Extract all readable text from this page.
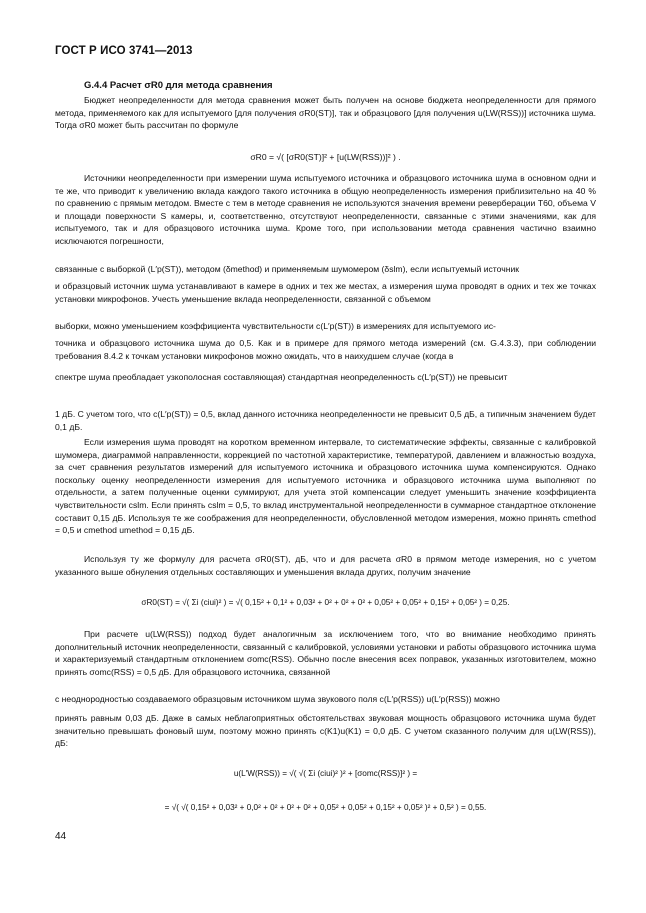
ГОСТ Р ИСО 3741—2013
G.4.4 Расчет σR0 для метода сравнения
Бюджет неопределенности для метода сравнения может быть получен на основе бюджета неопределенности для прямого метода, применяемого как для испытуемого [для получения σR0(ST)], так и образцового [для получения u(LW(RSS))] источника шума. Тогда σR0 может быть рассчитан по формуле
σR0 = √( [σR0(ST)]² + [u(LW(RSS))]² ) .
Источники неопределенности при измерении шума испытуемого источника и образцового источника шума в основном одни и те же, что приводит к увеличению вклада каждого такого источника в общую неопределенность измерения приблизительно на 40 % по сравнению с прямым методом. Вместе с тем в методе сравнения не используются значения времени реверберации T60, объема V и площади поверхности S камеры, и, соответственно, отсутствуют неопределенности, связанные с этими значениями, как для испытуемого, так и для образцового источника шума. Кроме того, при использовании метода сравнения частично взаимно исключаются погрешности,
связанные с выборкой (L′p(ST)), методом (δmethod) и применяемым шумомером (δslm), если испытуемый источник
и образцовый источник шума устанавливают в камере в одних и тех же местах, а измерения шума проводят в одних и тех же точках установки микрофонов. Учесть уменьшение вклада неопределенности, связанной с объемом
выборки, можно уменьшением коэффициента чувствительности c(L′p(ST)) в измерениях для испытуемого ис-
точника и образцового источника шума до 0,5. Как и в примере для прямого метода измерений (см. G.4.3.3), при соблюдении требования 8.4.2 к точкам установки микрофонов можно ожидать, что в наихудшем случае (когда в
спектре шума преобладает узкополосная составляющая) стандартная неопределенность c(L′p(ST)) не превысит
1 дБ. С учетом того, что c(L′p(ST)) = 0,5, вклад данного источника неопределенности не превысит 0,5 дБ, а типичным значением будет 0,1 дБ.
Если измерения шума проводят на коротком временном интервале, то систематические эффекты, связанные с калибровкой шумомера, диаграммой направленности, коррекцией по частотной характеристике, температурой, давлением и влажностью воздуха, за счет сравнения результатов измерений для испытуемого источника и образцового источника шума компенсируются. Однако поскольку оценку неопределенности измерения для испытуемого источника и образцового источника шума выполняют по отдельности, а затем полученные оценки суммируют, для учета этой компенсации следует уменьшить значение коэффициента чувствительности cslm. Если принять cslm = 0,5, то вклад инструментальной неопределенности в суммарное стандартное отклонение составит 0,15 дБ. Используя те же соображения для неопределенности, обусловленной методом измерения, можно принять cmethod = 0,5 и cmethod umethod = 0,15 дБ.
Используя ту же формулу для расчета σR0(ST), дБ, что и для расчета σR0 в прямом методе измерения, но с учетом указанного выше обнуления отдельных составляющих и уменьшения вклада других, получим значение
σR0(ST) = √( Σi (ciui)² ) = √( 0,15² + 0,1² + 0,03² + 0² + 0² + 0² + 0,05² + 0,05² + 0,15² + 0,05² ) = 0,25.
При расчете u(LW(RSS)) подход будет аналогичным за исключением того, что во внимание необходимо принять дополнительный источник неопределенности, связанный с калибровкой, условиями установки и работы образцового источника шума и характеризуемый стандартным отклонением σomc(RSS). Обычно после внесения всех поправок, указанных изготовителем, можно принять σomc(RSS) = 0,5 дБ. Для образцового источника, связанной
с неоднородностью создаваемого образцовым источником шума звукового поля c(L′p(RSS)) u(L′p(RSS)) можно
принять равным 0,03 дБ. Даже в самых неблагоприятных обстоятельствах звуковая мощность образцового источника шума будет значительно превышать фоновый шум, поэтому можно принять c(K1)u(K1) = 0,0 дБ. С учетом сказанного получим для u(LW(RSS)), дБ:
u(L′W(RSS)) = √( √( Σi (ciui)² )² + [σomc(RSS)]² ) =
= √( √( 0,15² + 0,03² + 0,0² + 0² + 0² + 0² + 0,05² + 0,05² + 0,15² + 0,05² )² + 0,5² ) = 0,55.
44
